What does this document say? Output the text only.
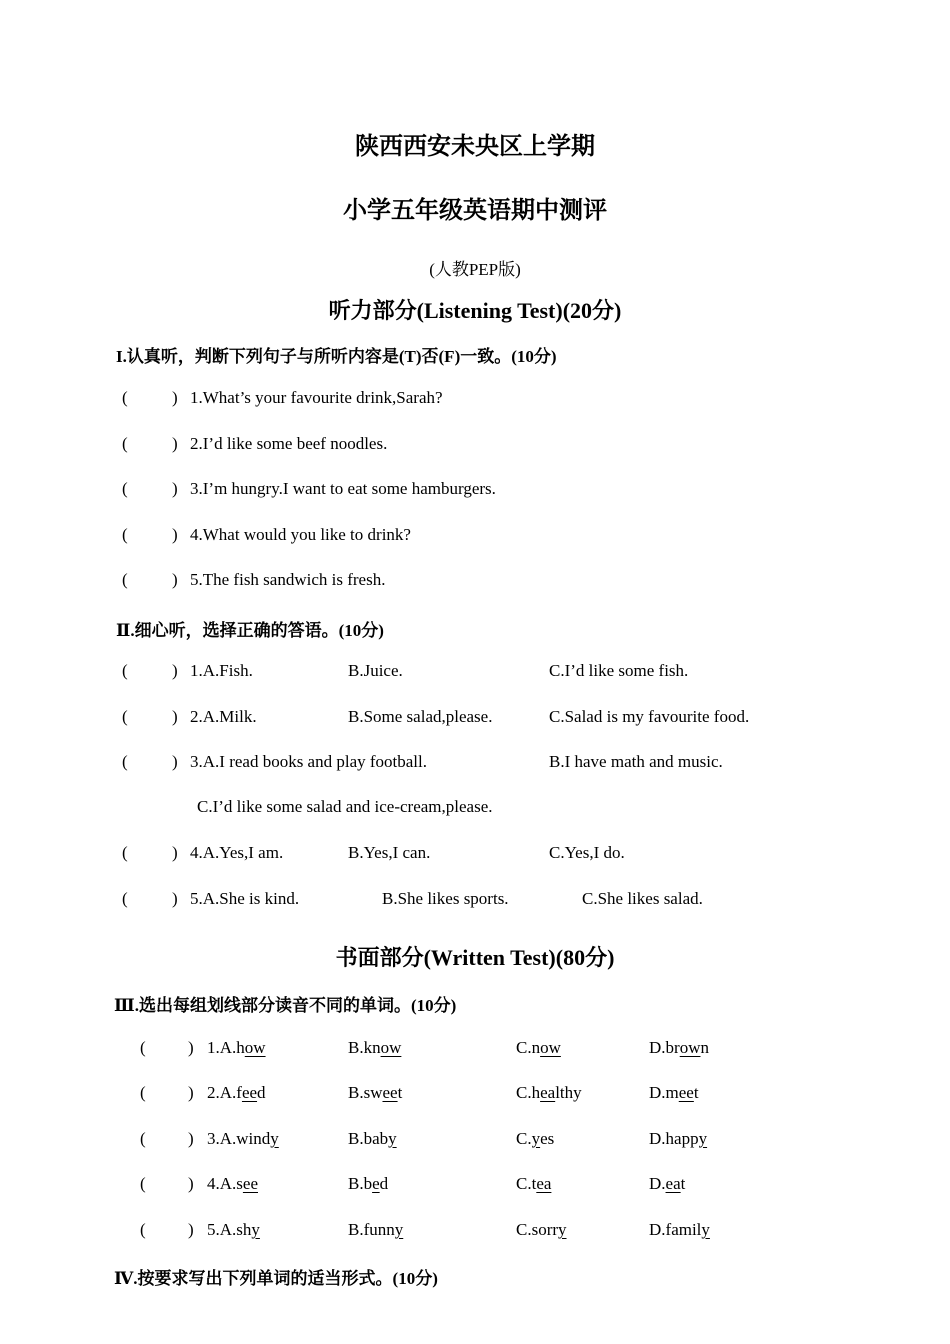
陕西西安未央区上学期
小学五年级英语期中测评
(人教PEP版)
听力部分(Listening Test)(20分)
I.认真听，判断下列句子与所听内容是(T)否(F)一致。(10分)
(	) 1.What’s your favourite drink,Sarah?
(	) 2.I’d like some beef noodles.
(	) 3.I’m hungry.I want to eat some hamburgers.
(	) 4.What would you like to drink?
(	) 5.The fish sandwich is fresh.
Ⅱ.细心听，选择正确的答语。(10分)
(	) 1.A.Fish.	B.Juice.	C.I’d like some fish.
(	) 2.A.Milk.	B.Some salad,please.	C.Salad is my favourite food.
(	) 3.A.I read books and play football.	B.I have math and music.
C.I’d like some salad and ice-cream,please.
(	) 4.A.Yes,I am.	B.Yes,I can.	C.Yes,I do.
(	) 5.A.She is kind.	B.She likes sports.	C.She likes salad.
书面部分(Written Test)(80分)
Ⅲ.选出每组划线部分读音不同的单词。(10分)
( ) 1.A.how	B.know	C.now	D.brown
( ) 2.A.feed	B.sweet	C.healthy	D.meet
( ) 3.A.windy	B.baby	C.yes	D.happy
( ) 4.A.see	B.bed	C.tea	D.eat
( ) 5.A.shy	B.funny	C.sorry	D.family
Ⅳ.按要求写出下列单词的适当形式。(10分)
